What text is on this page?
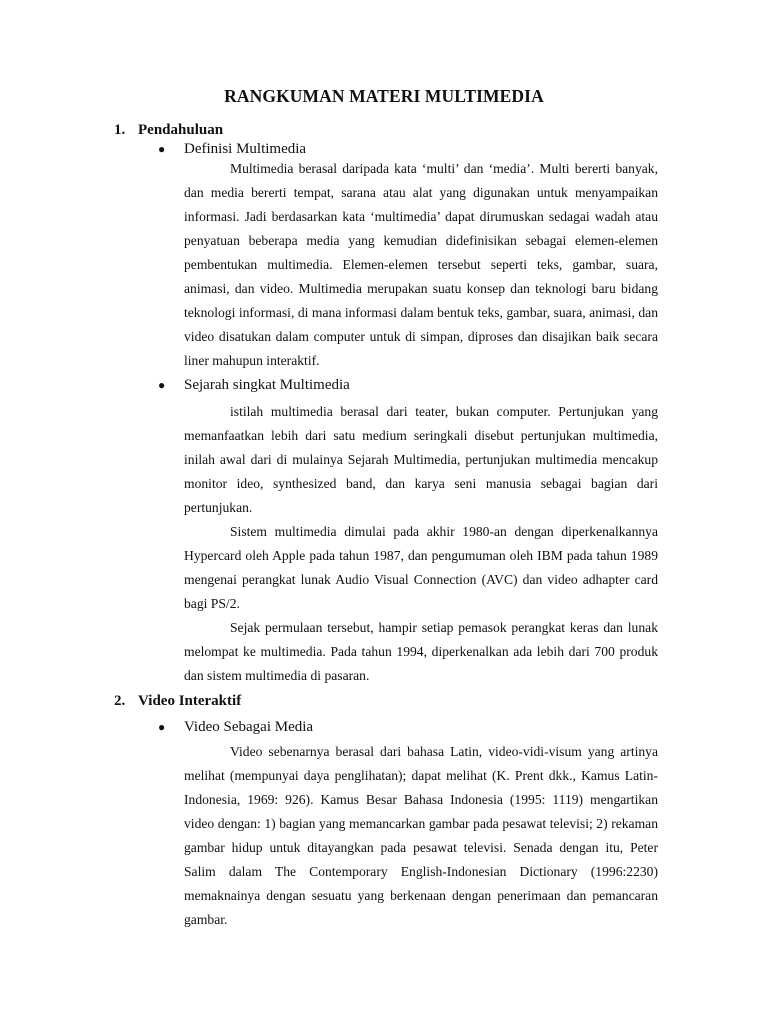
RANGKUMAN MATERI MULTIMEDIA
1. Pendahuluan
●	Definisi Multimedia

Multimedia berasal daripada kata ‘multi’ dan ‘media’. Multi bererti banyak, dan media bererti tempat, sarana atau alat yang digunakan untuk menyampaikan informasi. Jadi berdasarkan kata ‘multimedia’ dapat dirumuskan sedagai wadah atau penyatuan beberapa media yang kemudian didefinisikan sebagai elemen-elemen pembentukan multimedia. Elemen-elemen tersebut seperti teks, gambar, suara, animasi, dan video. Multimedia merupakan suatu konsep dan teknologi baru bidang teknologi informasi, di mana informasi dalam bentuk teks, gambar, suara, animasi, dan video disatukan dalam computer untuk di simpan, diproses dan disajikan baik secara liner mahupun interaktif.

●	Sejarah singkat Multimedia

istilah multimedia berasal dari teater, bukan computer. Pertunjukan yang memanfaatkan lebih dari satu medium seringkali disebut pertunjukan multimedia, inilah awal dari di mulainya Sejarah Multimedia, pertunjukan multimedia mencakup monitor ideo, synthesized band, dan karya seni manusia sebagai bagian dari pertunjukan.

Sistem multimedia dimulai pada akhir 1980-an dengan diperkenalkannya Hypercard oleh Apple pada tahun 1987, dan pengumuman oleh IBM pada tahun 1989 mengenai perangkat lunak Audio Visual Connection (AVC) dan video adhapter card bagi PS/2.

Sejak permulaan tersebut, hampir setiap pemasok perangkat keras dan lunak melompat ke multimedia. Pada tahun 1994, diperkenalkan ada lebih dari 700 produk dan sistem multimedia di pasaran.

2. Video Interaktif
●	Video Sebagai Media

Video sebenarnya berasal dari bahasa Latin, video-vidi-visum yang artinya melihat (mempunyai daya penglihatan); dapat melihat (K. Prent dkk., Kamus Latin-Indonesia, 1969: 926). Kamus Besar Bahasa Indonesia (1995: 1119) mengartikan video dengan: 1) bagian yang memancarkan gambar pada pesawat televisi; 2) rekaman gambar hidup untuk ditayangkan pada pesawat televisi. Senada dengan itu, Peter Salim dalam The Contemporary English-Indonesian Dictionary (1996:2230) memaknainya dengan sesuatu yang berkenaan dengan penerimaan dan pemancaran gambar.
